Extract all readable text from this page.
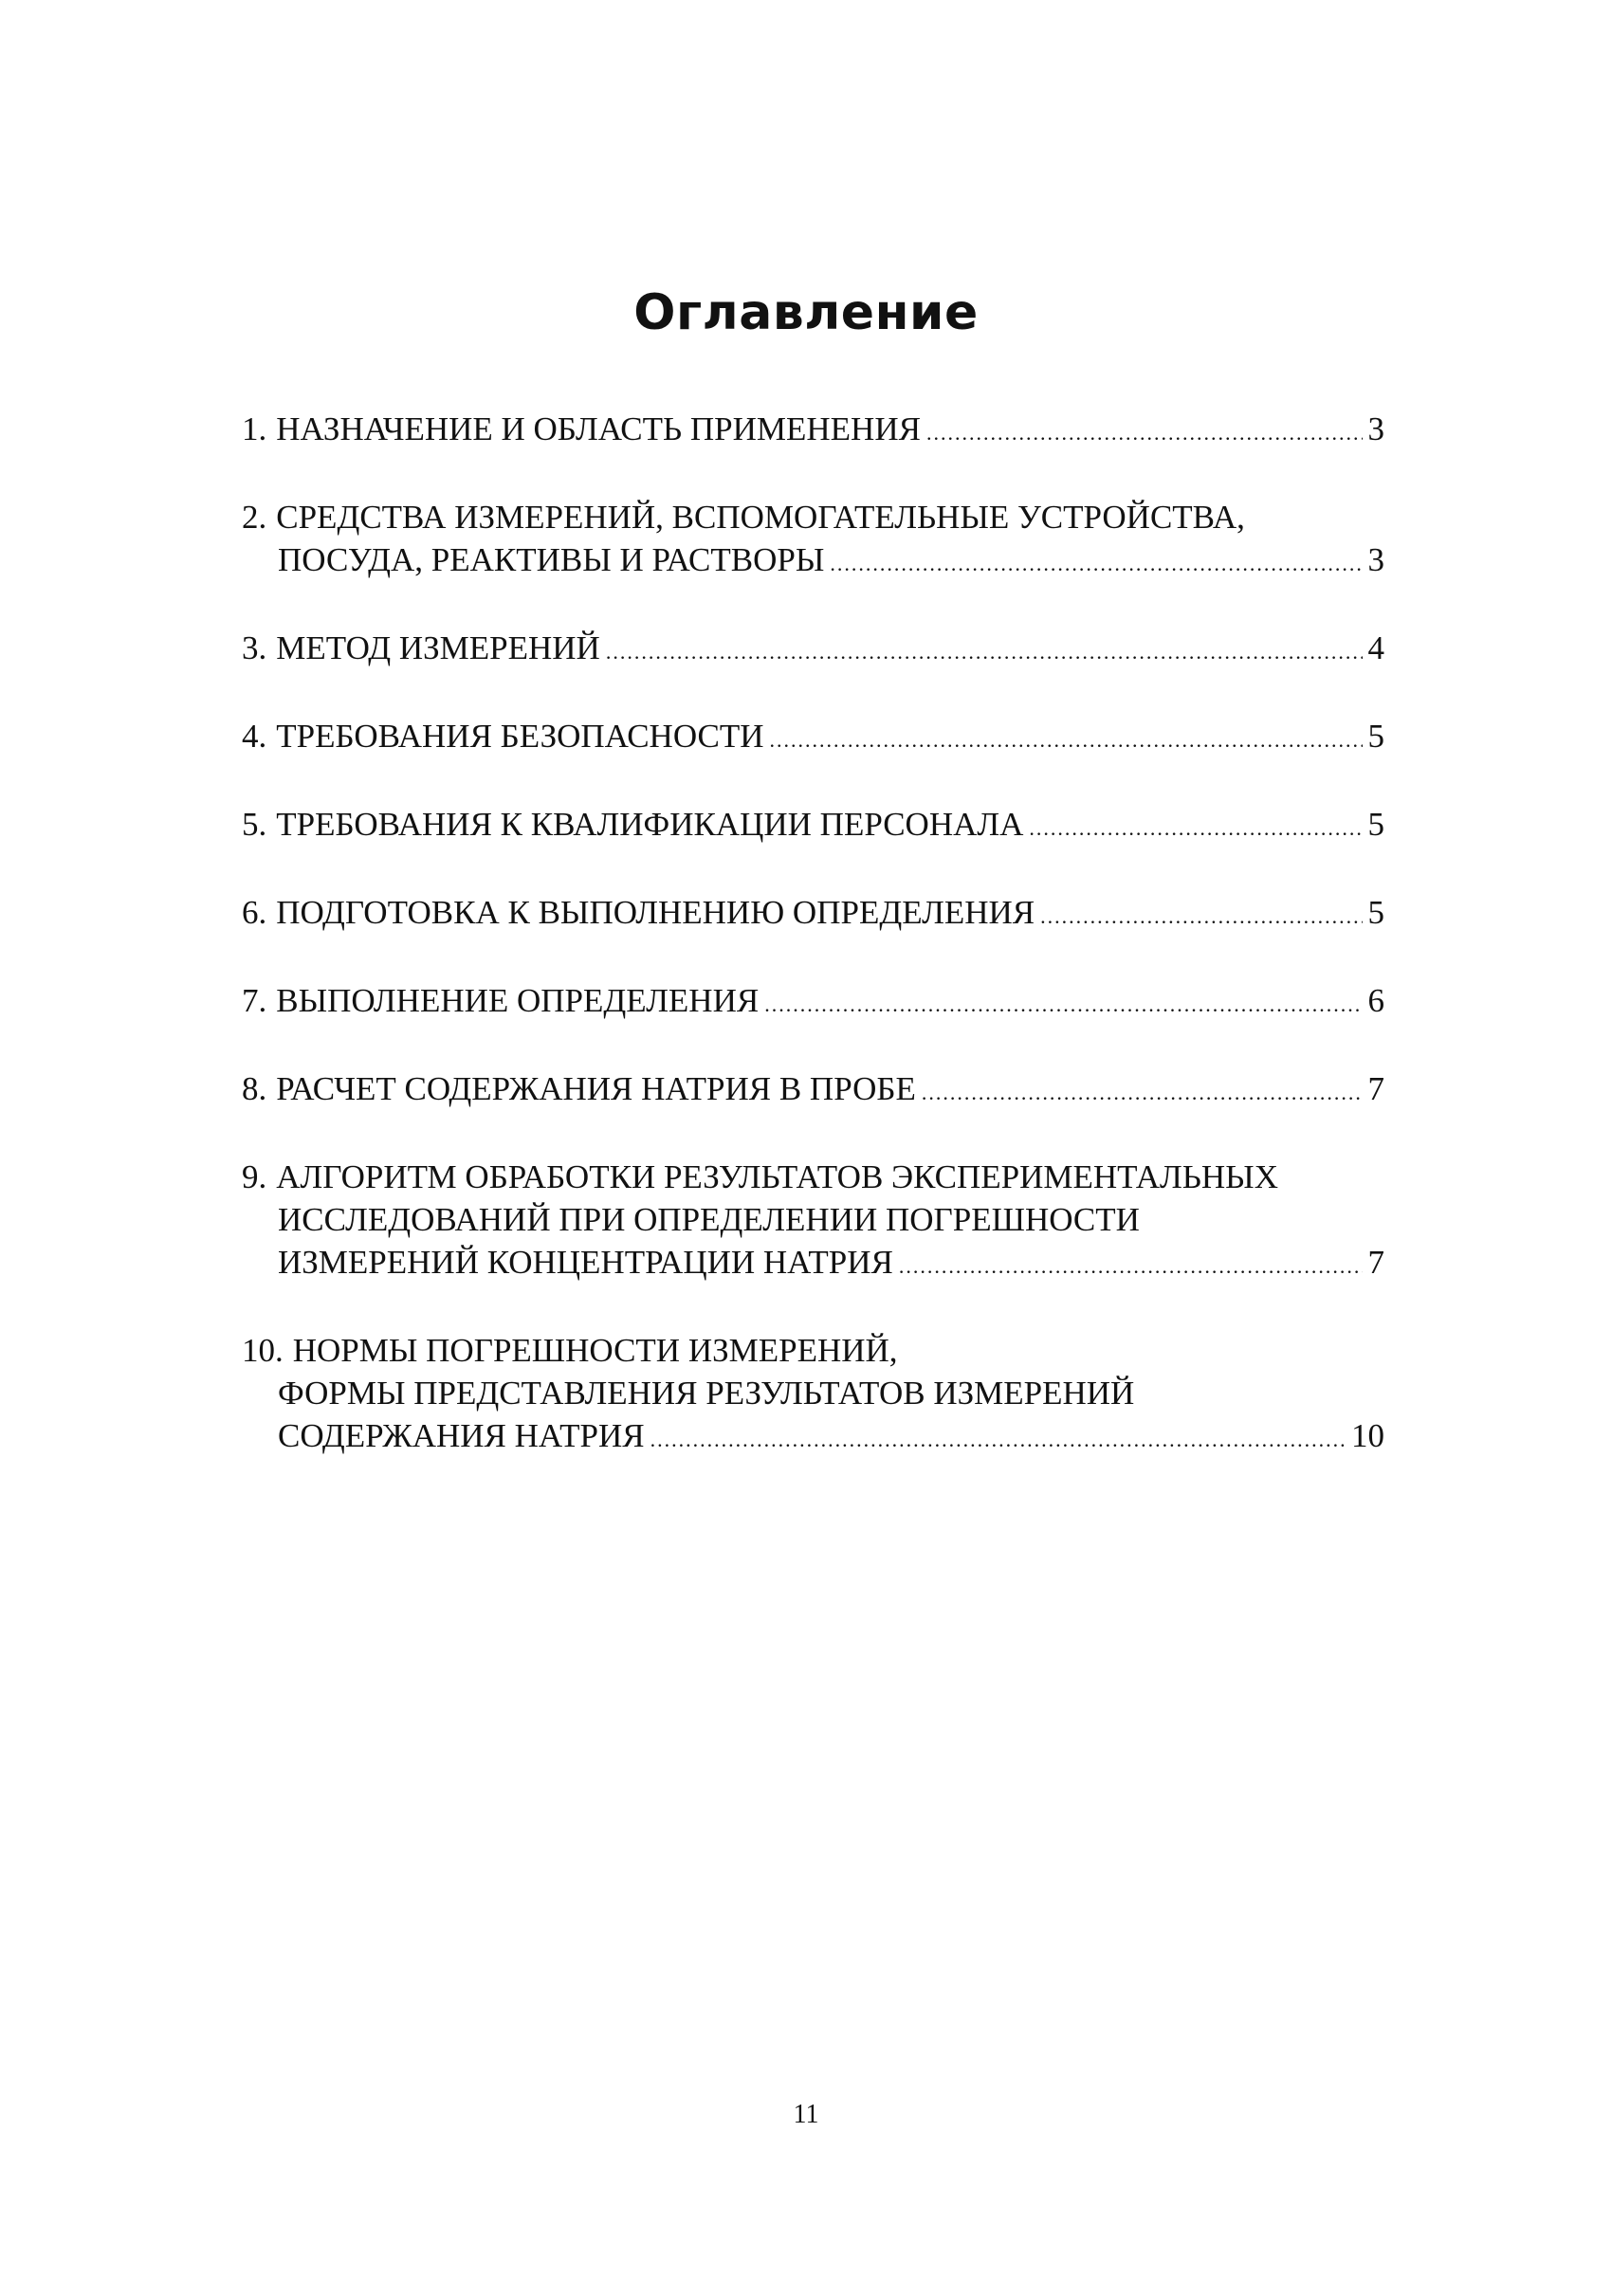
Оглавление
1. НАЗНАЧЕНИЕ И ОБЛАСТЬ ПРИМЕНЕНИЯ .....	3
2. СРЕДСТВА ИЗМЕРЕНИЙ, ВСПОМОГАТЕЛЬНЫЕ УСТРОЙСТВА,
ПОСУДА, РЕАКТИВЫ И РАСТВОРЫ .....	3
3. МЕТОД ИЗМЕРЕНИЙ .....	4
4. ТРЕБОВАНИЯ БЕЗОПАСНОСТИ .....	5
5. ТРЕБОВАНИЯ К КВАЛИФИКАЦИИ ПЕРСОНАЛА .....	5
6. ПОДГОТОВКА К ВЫПОЛНЕНИЮ ОПРЕДЕЛЕНИЯ .....	5
7. ВЫПОЛНЕНИЕ ОПРЕДЕЛЕНИЯ .....	6
8. РАСЧЕТ СОДЕРЖАНИЯ НАТРИЯ В ПРОБЕ .....	7
9. АЛГОРИТМ ОБРАБОТКИ РЕЗУЛЬТАТОВ ЭКСПЕРИМЕНТАЛЬНЫХ
ИССЛЕДОВАНИЙ ПРИ ОПРЕДЕЛЕНИИ ПОГРЕШНОСТИ
ИЗМЕРЕНИЙ КОНЦЕНТРАЦИИ НАТРИЯ .....	7
10. НОРМЫ ПОГРЕШНОСТИ ИЗМЕРЕНИЙ,
ФОРМЫ ПРЕДСТАВЛЕНИЯ РЕЗУЛЬТАТОВ ИЗМЕРЕНИЙ
СОДЕРЖАНИЯ НАТРИЯ .....	10
11
